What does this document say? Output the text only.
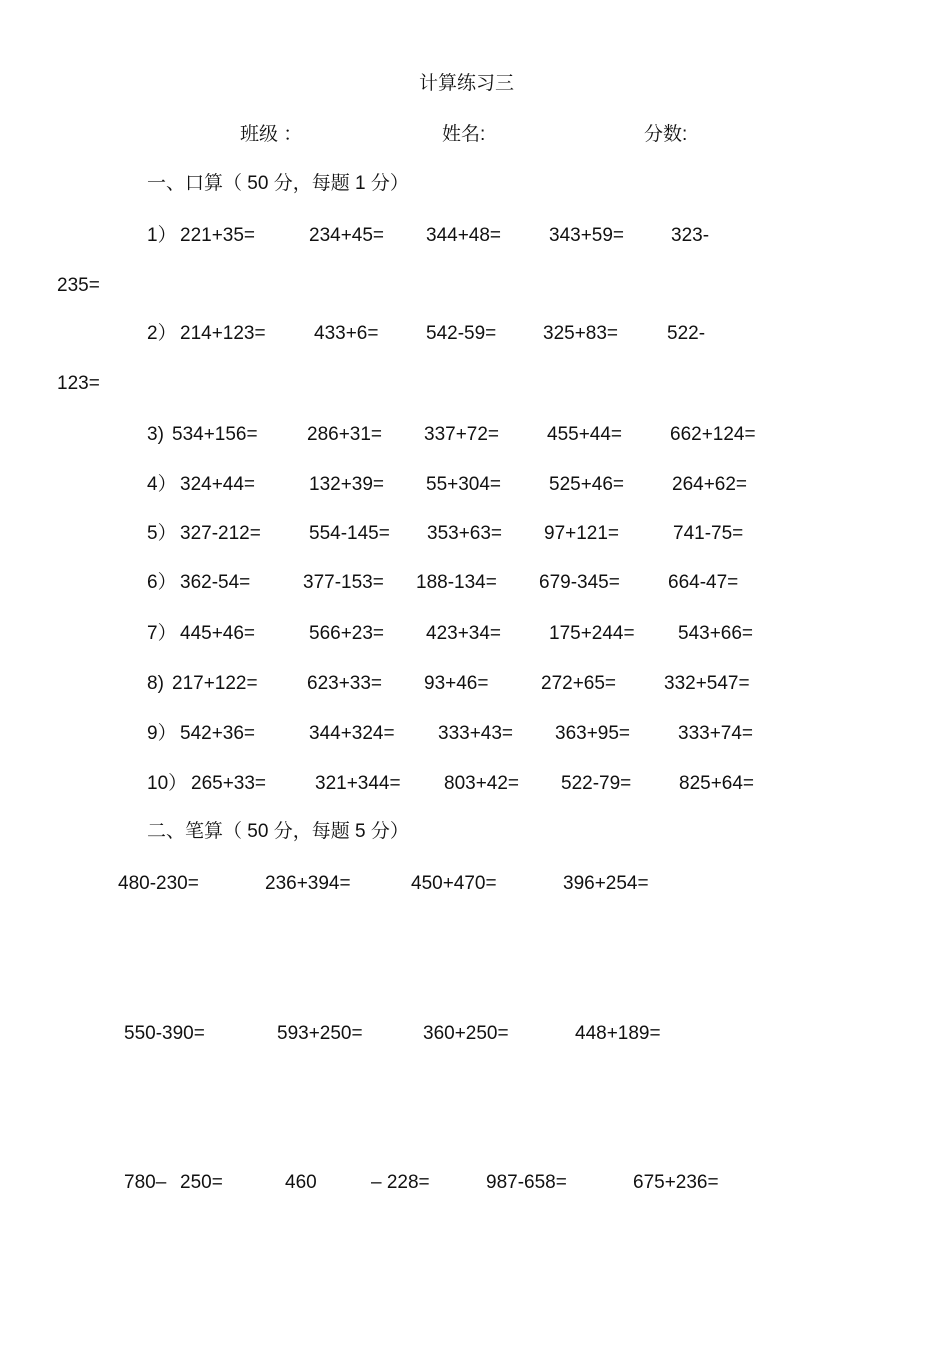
计算练习三
班级 ：	姓名:	分数:
一、口算（ 50 分，每题 1 分）
1） 221+35=	234+45= 344+48=	343+59= 323-
235=
2） 214+123=	433+6=	542-59= 325+83=	522-
123=
3) 534+156=	286+31= 337+72=	455+44=	662+124=
4） 324+44=	132+39= 55+304=	525+46=	264+62=
5） 327-212=	554-145= 353+63= 97+121=	741-75=
6） 362-54=	377-153= 188-134= 679-345=	664-47=
7） 445+46=	566+23= 423+34=	175+244= 543+66=
8) 217+122=	623+33= 93+46=	272+65=	332+547=
9） 542+36=	344+324= 333+43= 363+95=	333+74=
10） 265+33=	321+344= 803+42= 522-79=	825+64=
二、笔算（ 50 分，每题 5 分）
480-230=	236+394=	450+470=	396+254=
550-390=	593+250=	360+250=	448+189=
780– 250=	460	– 228=	987-658=	675+236=
